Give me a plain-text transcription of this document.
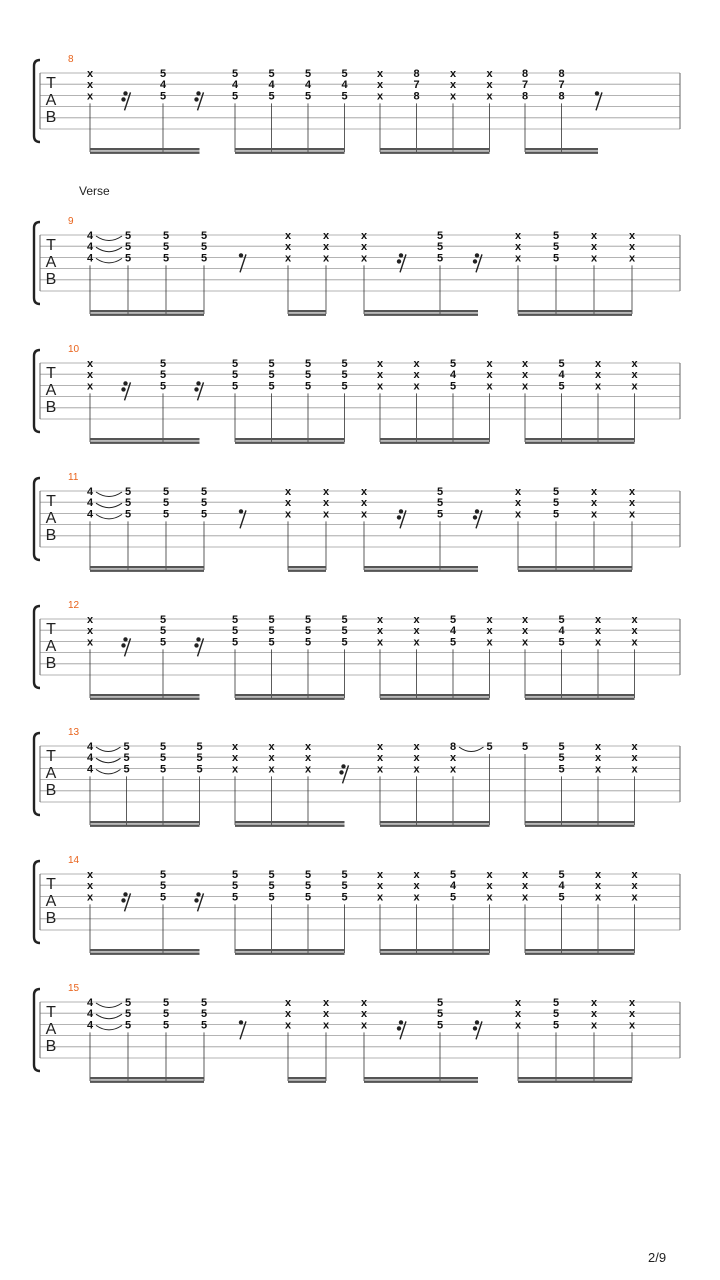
T
A
B
8
x
x
x
5
4
5
5
4
5
5
4
5
5
4
5
5
4
5
x
x
x
8
7
8
x
x
x
x
x
x
8
7
8
8
7
8
T
A
B
9
Verse
4
4
4
5
5
5
5
5
5
5
5
5
x
x
x
x
x
x
x
x
x
5
5
5
x
x
x
5
5
5
x
x
x
x
x
x
T
A
B
10
x
x
x
5
5
5
5
5
5
5
5
5
5
5
5
5
5
5
x
x
x
x
x
x
5
4
5
x
x
x
x
x
x
5
4
5
x
x
x
x
x
x
T
A
B
11
4
4
4
5
5
5
5
5
5
5
5
5
x
x
x
x
x
x
x
x
x
5
5
5
x
x
x
5
5
5
x
x
x
x
x
x
T
A
B
12
x
x
x
5
5
5
5
5
5
5
5
5
5
5
5
5
5
5
x
x
x
x
x
x
5
4
5
x
x
x
x
x
x
5
4
5
x
x
x
x
x
x
T
A
B
13
4
4
4
5
5
5
5
5
5
5
5
5
x
x
x
x
x
x
x
x
x
x
x
x
x
x
x
8
x
x
5	5	5
5
5
x
x
x
x
x
x
T
A
B
14
x
x
x
5
5
5
5
5
5
5
5
5
5
5
5
5
5
5
x
x
x
x
x
x
5
4
5
x
x
x
x
x
x
5
4
5
x
x
x
x
x
x
T
A
B
15
4
4
4
5
5
5
5
5
5
5
5
5
x
x
x
x
x
x
x
x
x
5
5
5
x
x
x
5
5
5
x
x
x
x
x
x
2/9
